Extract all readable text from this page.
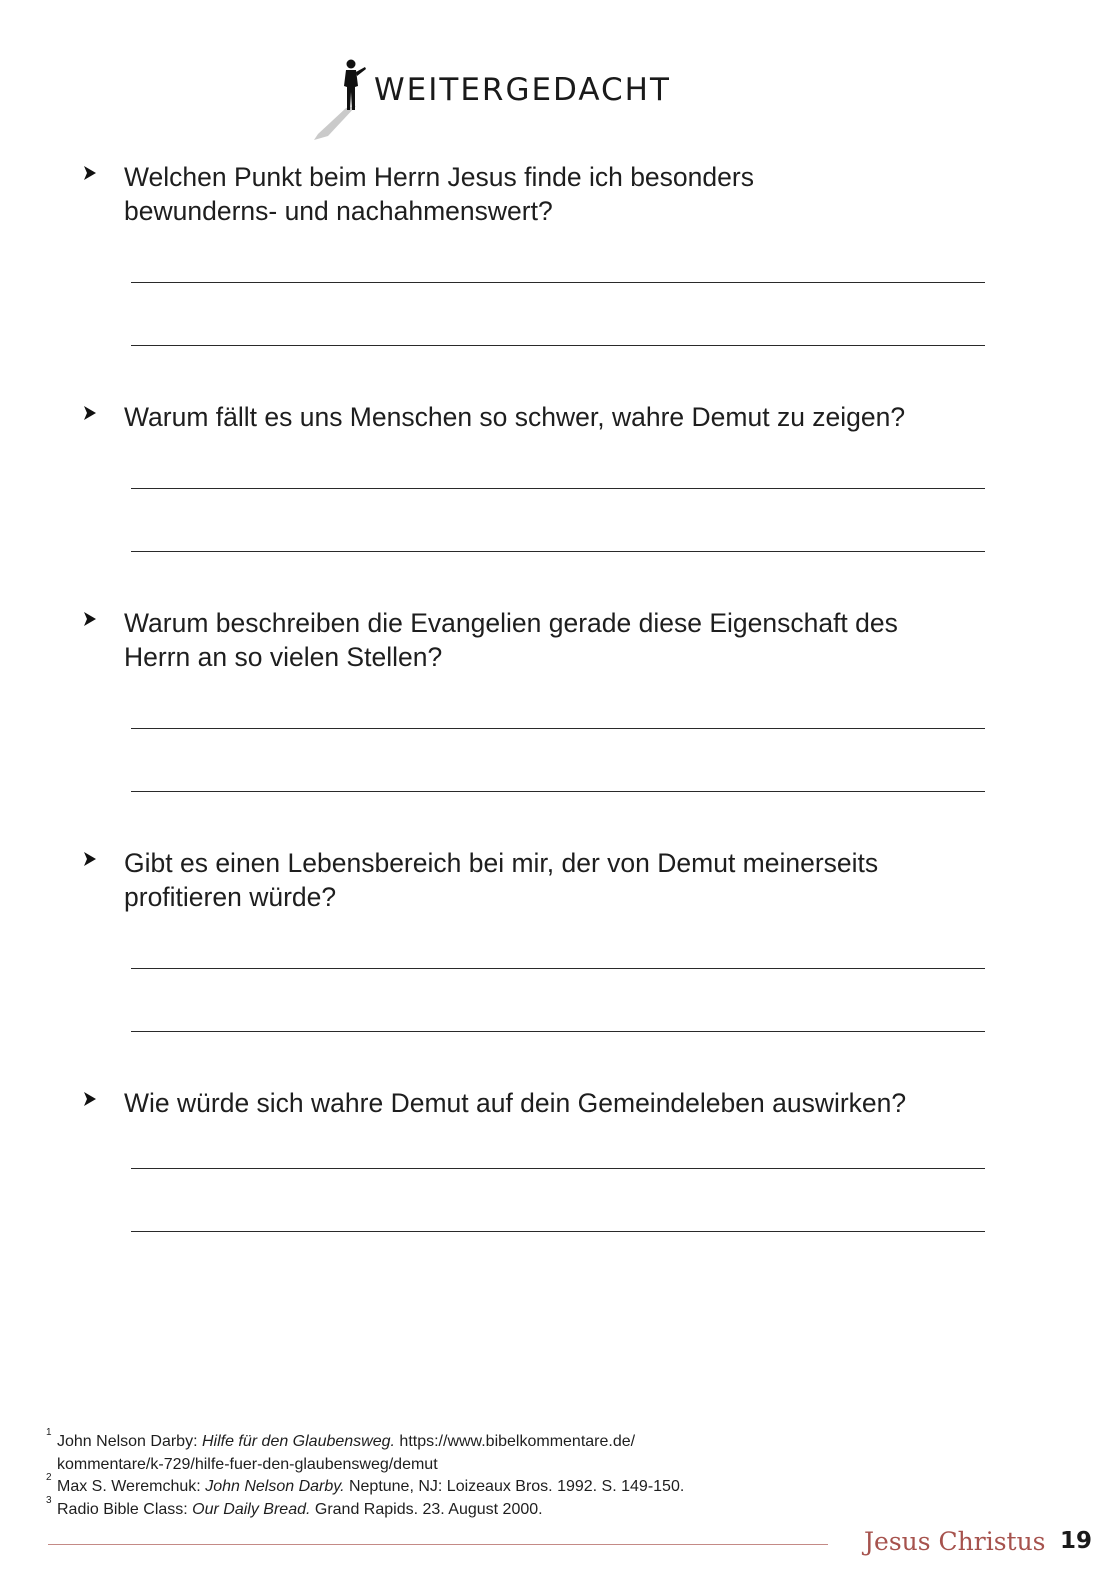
WEITERGEDACHT
Welchen Punkt beim Herrn Jesus finde ich besonders
bewunderns- und nachahmenswert?
Warum fällt es uns Menschen so schwer, wahre Demut zu zeigen?
Warum beschreiben die Evangelien gerade diese Eigenschaft des
Herrn an so vielen Stellen?
Gibt es einen Lebensbereich bei mir, der von Demut meinerseits
profitieren würde?
Wie würde sich wahre Demut auf dein Gemeindeleben auswirken?
1
John Nelson Darby: Hilfe für den Glaubensweg. https://www.bibelkommentare.de/
kommentare/k-729/hilfe-fuer-den-glaubensweg/demut
2
Max S. Weremchuk: John Nelson Darby. Neptune, NJ: Loizeaux Bros. 1992. S. 149-150.
3
Radio Bible Class: Our Daily Bread. Grand Rapids. 23. August 2000.
Jesus Christus 19
